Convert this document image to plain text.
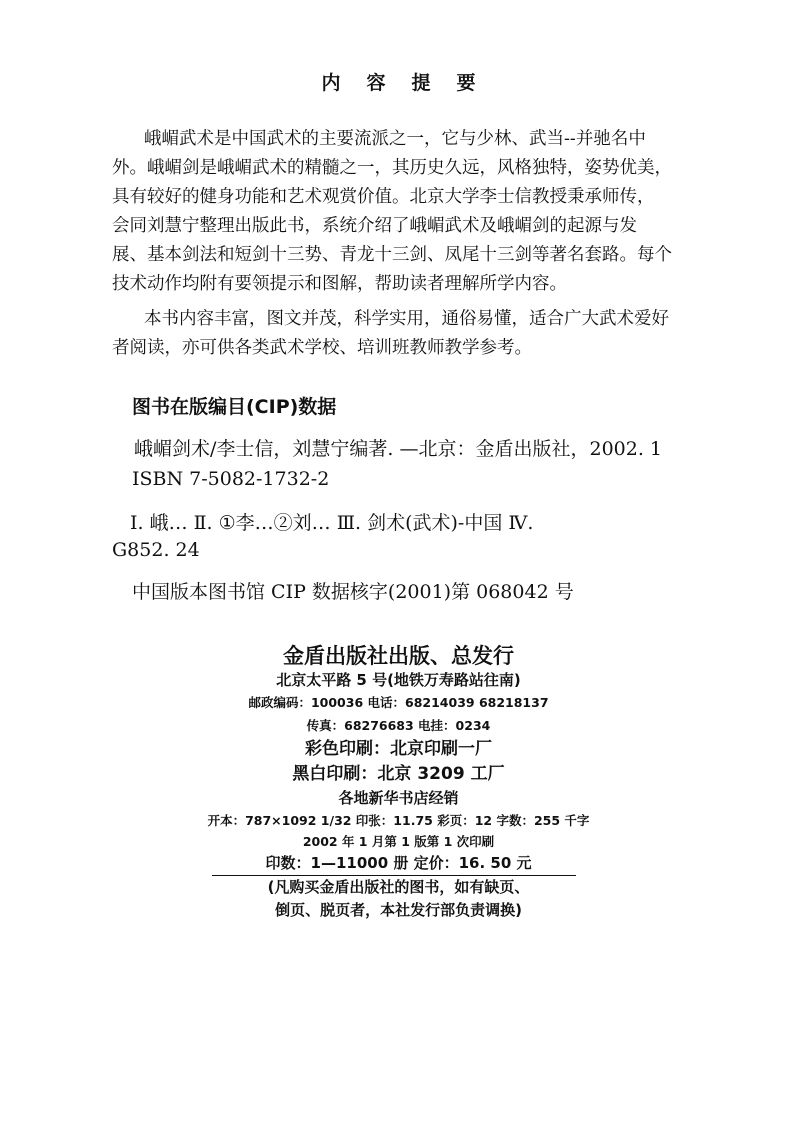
内容提要
峨嵋武术是中国武术的主要流派之一，它与少林、武当--并驰名中
外。峨嵋剑是峨嵋武术的精髓之一，其历史久远，风格独特，姿势优美，
具有较好的健身功能和艺术观赏价值。北京大学李士信教授秉承师传，
会同刘慧宁整理出版此书，系统介绍了峨嵋武术及峨嵋剑的起源与发
展、基本剑法和短剑十三势、青龙十三剑、凤尾十三剑等著名套路。每个
技术动作均附有要领提示和图解，帮助读者理解所学内容。
本书内容丰富，图文并茂，科学实用，通俗易懂，适合广大武术爱好
者阅读，亦可供各类武术学校、培训班教师教学参考。
图书在版编目(CIP)数据
峨嵋剑术/李士信，刘慧宁编著. —北京：金盾出版社，2002. 1
ISBN 7-5082-1732-2
Ⅰ. 峨… Ⅱ. ①李…②刘… Ⅲ. 剑术(武术)-中国 Ⅳ.
G852. 24
中国版本图书馆 CIP 数据核字(2001)第 068042 号
金盾出版社出版、总发行
北京太平路 5 号(地铁万寿路站往南)
邮政编码：100036 电话：68214039 68218137
传真：68276683 电挂：0234
彩色印刷：北京印刷一厂
黑白印刷：北京 3209 工厂
各地新华书店经销
开本：787×1092 1/32 印张：11.75 彩页：12 字数：255 千字
2002 年 1 月第 1 版第 1 次印刷
印数：1—11000 册 定价：16. 50 元
(凡购买金盾出版社的图书，如有缺页、
倒页、脱页者，本社发行部负责调换)
